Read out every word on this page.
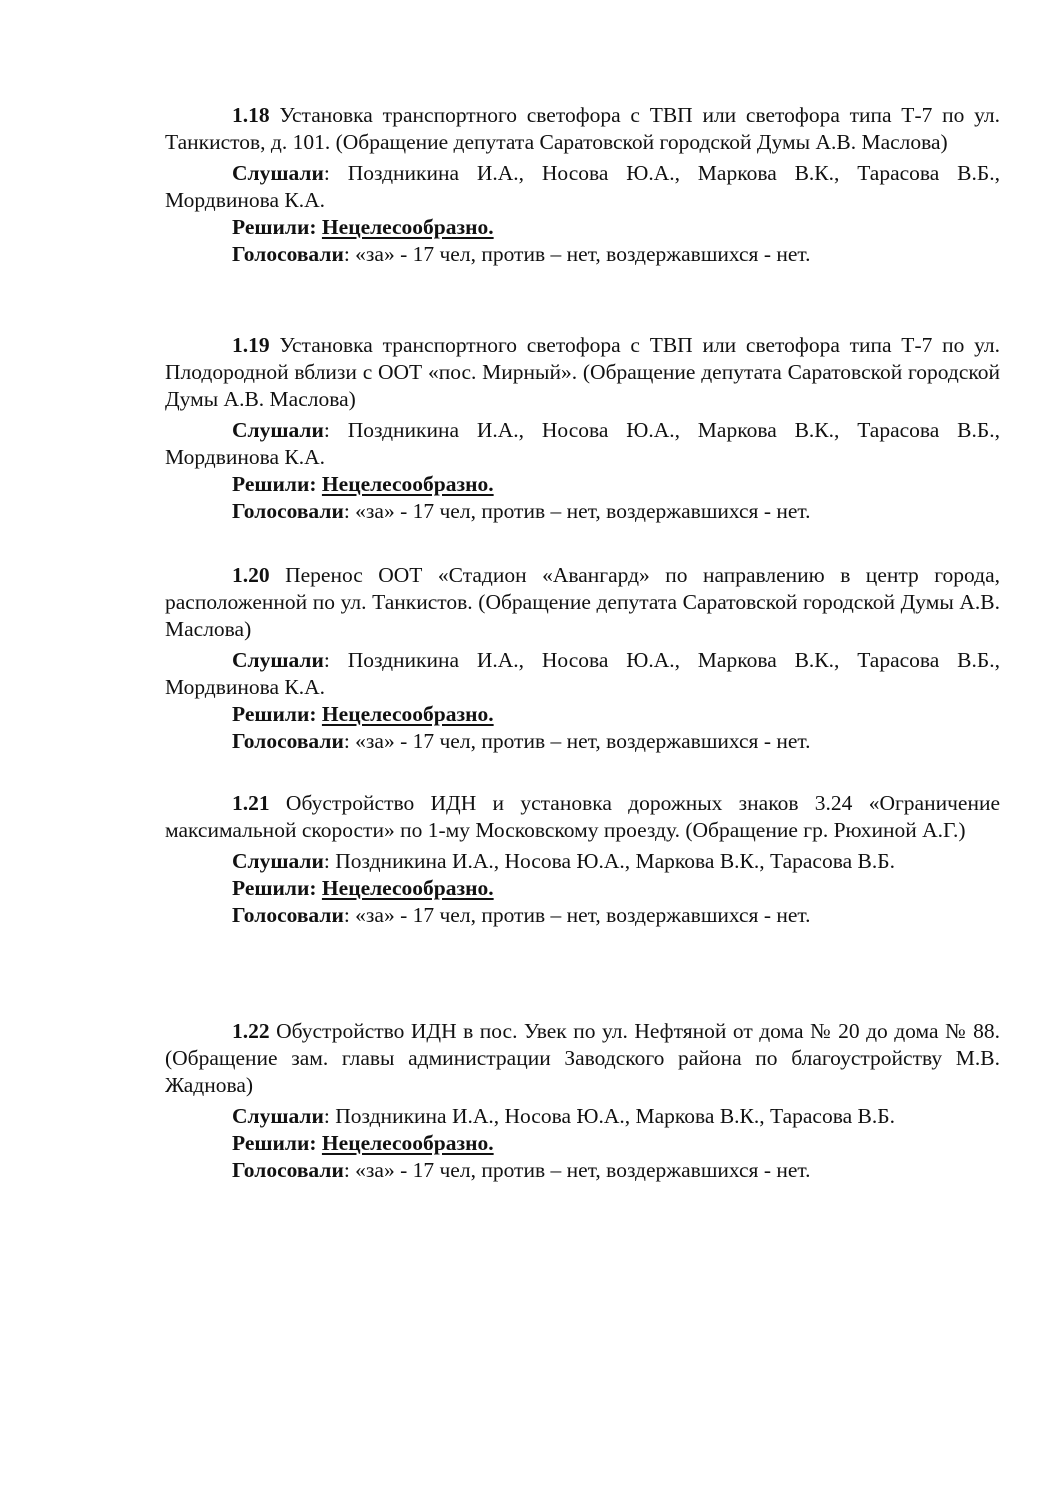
1.18 Установка транспортного светофора с ТВП или светофора типа Т-7 по ул. Танкистов, д. 101. (Обращение депутата Саратовской городской Думы А.В. Маслова)

Слушали: Поздникина И.А., Носова Ю.А., Маркова В.К., Тарасова В.Б., Мордвинова К.А.

Решили: Нецелесообразно.

Голосовали: «за» - 17 чел, против – нет, воздержавшихся - нет.

1.19 Установка транспортного светофора с ТВП или светофора типа Т-7 по ул. Плодородной вблизи с ООТ «пос. Мирный». (Обращение депутата Саратовской городской Думы А.В. Маслова)

Слушали: Поздникина И.А., Носова Ю.А., Маркова В.К., Тарасова В.Б., Мордвинова К.А.

Решили: Нецелесообразно.

Голосовали: «за» - 17 чел, против – нет, воздержавшихся - нет.

1.20 Перенос ООТ «Стадион «Авангард» по направлению в центр города, расположенной по ул. Танкистов. (Обращение депутата Саратовской городской Думы А.В. Маслова)

Слушали: Поздникина И.А., Носова Ю.А., Маркова В.К., Тарасова В.Б., Мордвинова К.А.

Решили: Нецелесообразно.

Голосовали: «за» - 17 чел, против – нет, воздержавшихся - нет.

1.21 Обустройство ИДН и установка дорожных знаков 3.24 «Ограничение максимальной скорости» по 1-му Московскому проезду. (Обращение гр. Рюхиной А.Г.)

Слушали: Поздникина И.А., Носова Ю.А., Маркова В.К., Тарасова В.Б.

Решили: Нецелесообразно.

Голосовали: «за» - 17 чел, против – нет, воздержавшихся - нет.

1.22 Обустройство ИДН в пос. Увек по ул. Нефтяной от дома № 20 до дома № 88. (Обращение зам. главы администрации Заводского района по благоустройству М.В. Жаднова)

Слушали: Поздникина И.А., Носова Ю.А., Маркова В.К., Тарасова В.Б.

Решили: Нецелесообразно.

Голосовали: «за» - 17 чел, против – нет, воздержавшихся - нет.
